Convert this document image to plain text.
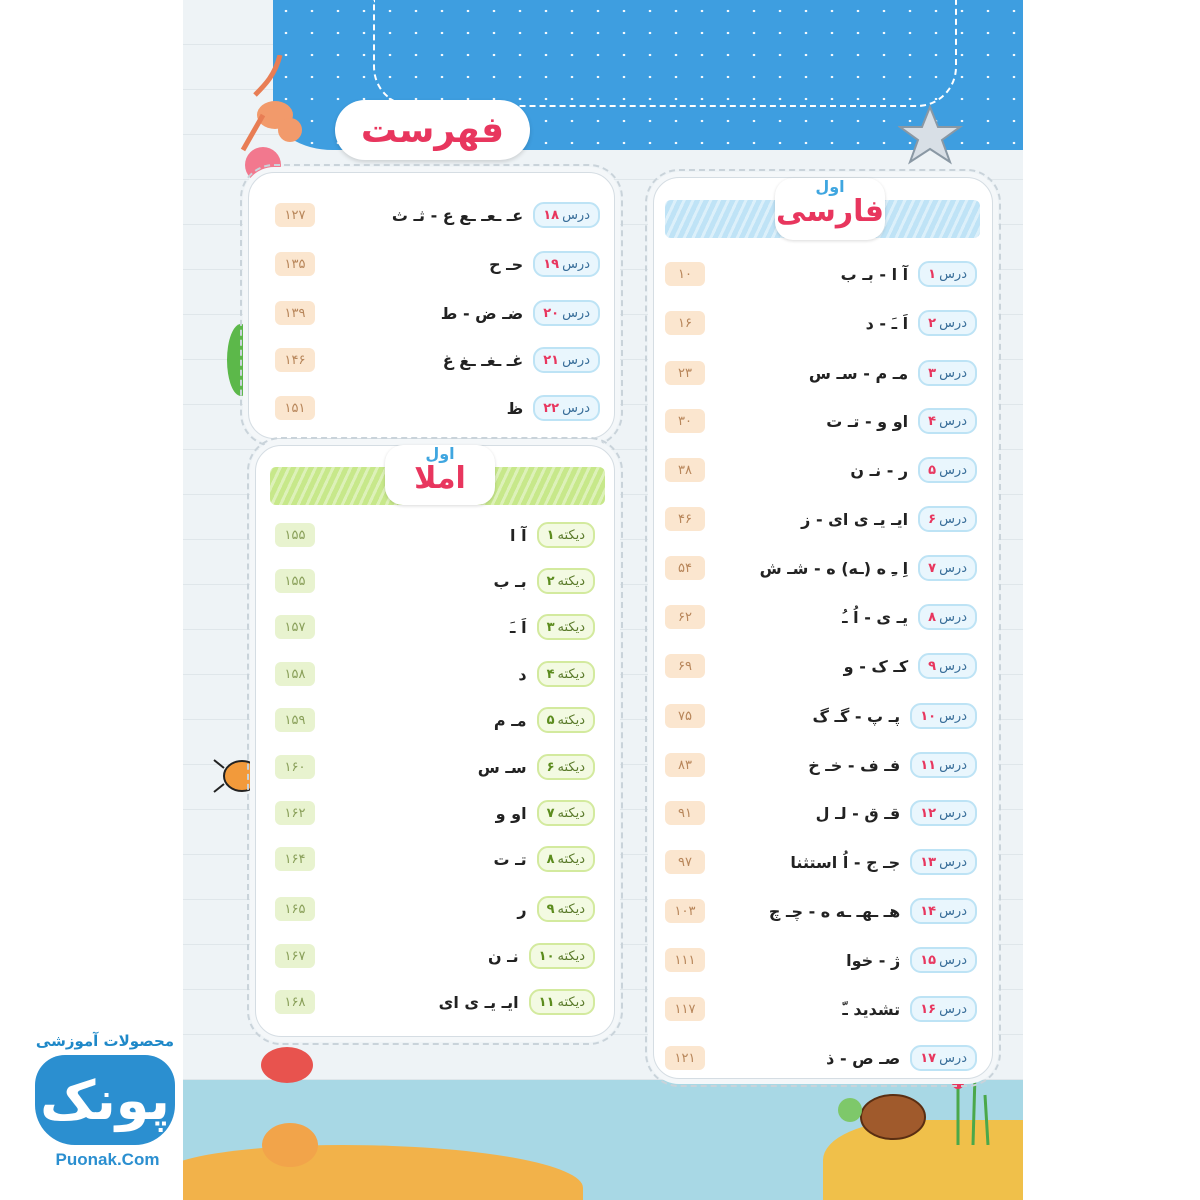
فهرست
اول
فارسی
اول
املا
درس
۱
آ ا - بـ ب
۱۰
درس
۲
اَ ـَ - د
۱۶
درس
۳
مـ م - سـ س
۲۳
درس
۴
او و - تـ ت
۳۰
درس
۵
ر - نـ ن
۳۸
درس
۶
ایـ یـ ی ای - ز
۴۶
درس
۷
اِ ـِ ه (ـه) ه - شـ ش
۵۴
درس
۸
یـ ی - اُ ـُ
۶۲
درس
۹
کـ ک - و
۶۹
درس
۱۰
پـ پ - گـ گ
۷۵
درس
۱۱
فـ ف - خـ خ
۸۳
درس
۱۲
قـ ق - لـ ل
۹۱
درس
۱۳
جـ ج - اُ استثنا
۹۷
درس
۱۴
هـ ـهـ ـه ه - چـ چ
۱۰۳
درس
۱۵
ژ - خوا
۱۱۱
درس
۱۶
تشدید ـّ
۱۱۷
درس
۱۷
صـ ص - ذ
۱۲۱
درس
۱۸
عـ ـعـ ـع ع - ثـ ث
۱۲۷
درس
۱۹
حـ ح
۱۳۵
درس
۲۰
ضـ ض - ط
۱۳۹
درس
۲۱
غـ ـغـ ـغ غ
۱۴۶
درس
۲۲
ظ
۱۵۱
دیکته
۱
آ ا
۱۵۵
دیکته
۲
بـ ب
۱۵۵
دیکته
۳
اَ ـَ
۱۵۷
دیکته
۴
د
۱۵۸
دیکته
۵
مـ م
۱۵۹
دیکته
۶
سـ س
۱۶۰
دیکته
۷
او و
۱۶۲
دیکته
۸
تـ ت
۱۶۴
دیکته
۹
ر
۱۶۵
دیکته
۱۰
نـ ن
۱۶۷
دیکته
۱۱
ایـ یـ ی ای
۱۶۸
محصولات آموزشی
پونک
Puonak.Com
